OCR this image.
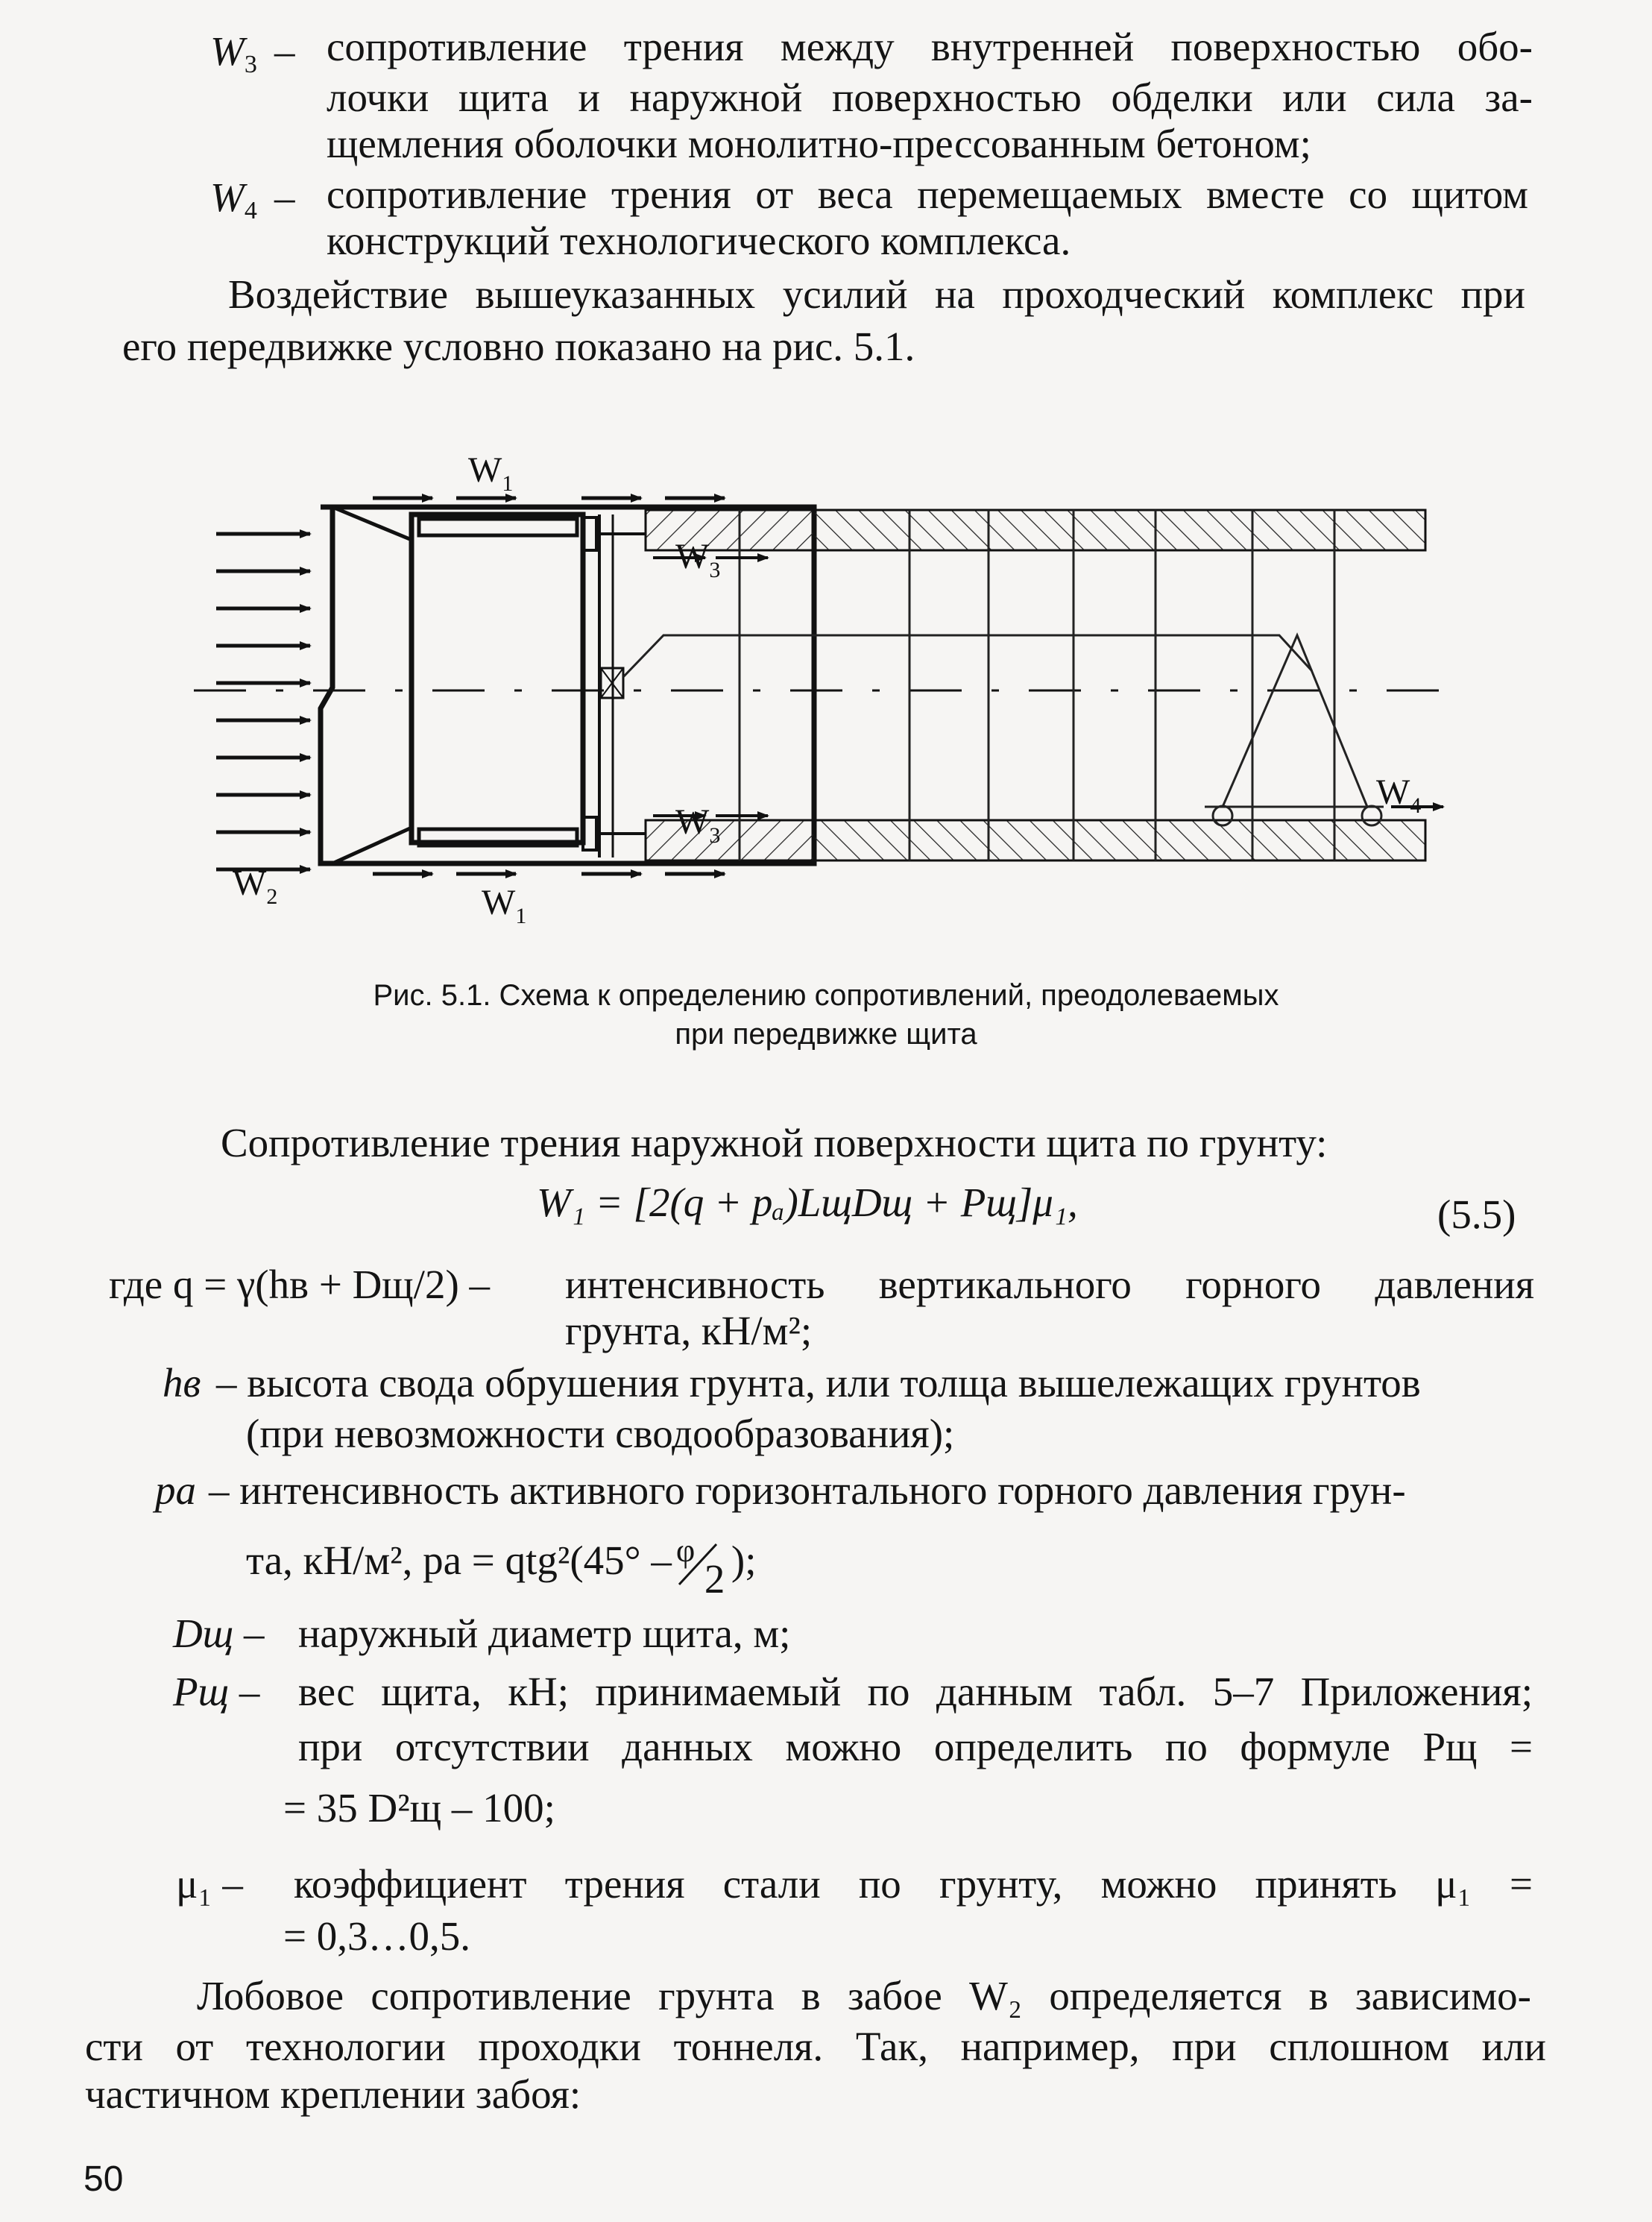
$W_3$ – сопротивление трения между внутренней поверхностью обо-
лочки щита и наружной поверхностью обделки или сила за-
щемления оболочки монолитно-прессованным бетоном;
$W_4$ – сопротивление трения от веса перемещаемых вместе со щитом
конструкций технологического комплекса.
Воздействие вышеуказанных усилий на проходческий комплекс при
его передвижке условно показано на рис. 5.1.
$W_1$
$W_3$
$W_3$
$W_2$	$W_1$
$W_4$
Рис. 5.1. Схема к определению сопротивлений, преодолеваемых
при передвижке щита
Сопротивление трения наружной поверхности щита по грунту:
W₁ = [2(q + pₐ)LщDщ + Pщ]μ₁,	(5.5)
где q = γ(hв + Dщ/2) – интенсивность вертикального горного давления
грунта, кН/м²;
hв – высота свода обрушения грунта, или толща вышележащих грунтов
(при невозможности сводообразования);
pа – интенсивность активного горизонтального горного давления грун-
та, кН/м², pа = qtg²(45° – φ
2 );
Dщ – наружный диаметр щита, м;
Pщ – вес щита, кН; принимаемый по данным табл. 5–7 Приложения;
при отсутствии данных можно определить по формуле Pщ =
= 35 D²щ – 100;
μ₁ – коэффициент трения стали по грунту, можно принять μ₁ =
= 0,3…0,5.
Лобовое сопротивление грунта в забое W₂ определяется в зависимо-
сти от технологии проходки тоннеля. Так, например, при сплошном или
частичном креплении забоя:
50
